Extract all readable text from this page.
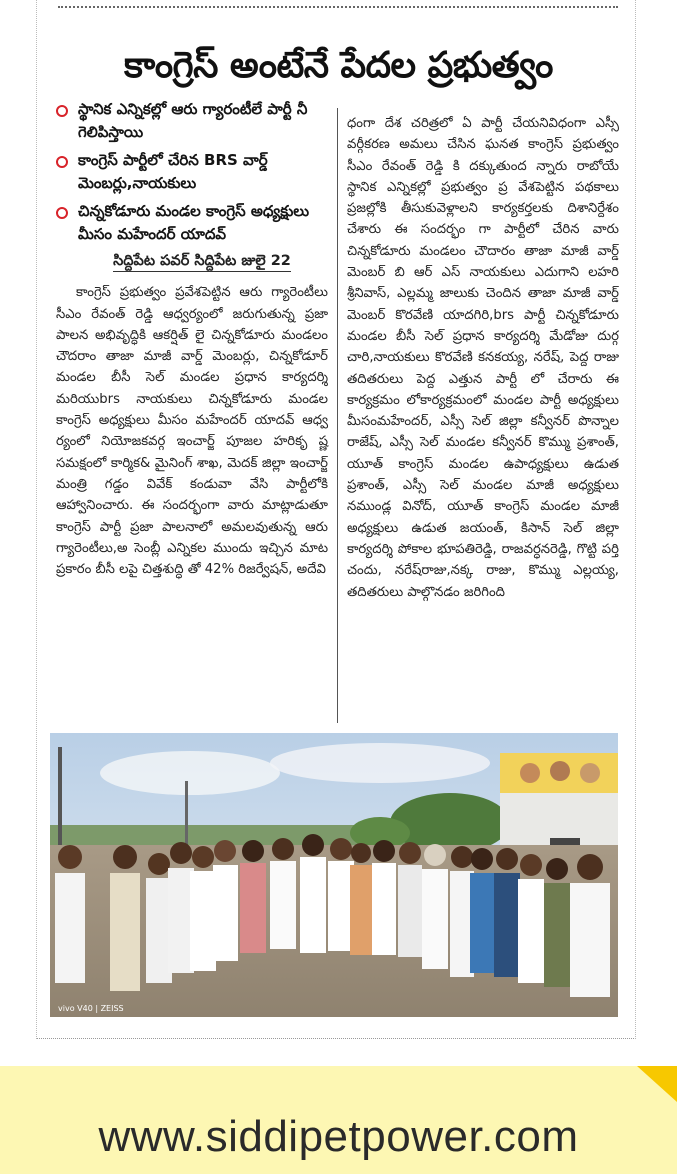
కాంగ్రెస్ అంటేనే పేదల ప్రభుత్వం
స్థానిక ఎన్నికల్లో ఆరు గ్యారంటీలే పార్టీ నీ గెలిపిస్తాయి
కాంగ్రెస్ పార్టీలో చేరిన BRS వార్డ్ మెంబర్లు,నాయకులు
చిన్నకోడూరు మండల కాంగ్రెస్ అధ్యక్షులు మీసం మహేందర్ యాదవ్
సిద్దిపేట పవర్ సిద్దిపేట జులై 22
కాంగ్రెస్ ప్రభుత్వం ప్రవేశపెట్టిన ఆరు గ్యారెంటీలు సీఎం రేవంత్ రెడ్డి ఆధ్వర్యంలో జరుగుతున్న ప్రజా పాలన అభివృద్ధికి ఆకర్షిత్ లై చిన్నకోడూరు మండలం చౌదరాం తాజా మాజీ వార్డ్ మెంబర్లు, చిన్నకోడూర్ మండల బీసీ సెల్ మండల ప్రధాన కార్యదర్శి మరియుbrs నాయకులు చిన్నకోడూరు మండల కాంగ్రెస్ అధ్యక్షులు మీసం మహేందర్ యాదవ్ ఆధ్వ ర్యంలో నియోజకవర్గ ఇంచార్జ్ పూజల హరికృ ష్ణ సమక్షంలో కార్మిక& మైనింగ్ శాఖ, మెదక్ జిల్లా ఇంచార్జ్ మంత్రి గడ్డం వివేక్ కండువా వేసి పార్టీలోకి ఆహ్వానించారు. ఈ సందర్భంగా వారు మాట్లాడుతూ కాంగ్రెస్ పార్టీ ప్రజా పాలనాలో అమలవుతున్న ఆరు గ్యారెంటీలు,అ సెంబ్లీ ఎన్నికల ముందు ఇచ్చిన మాట ప్రకారం బీసీ లపై చిత్తశుద్ధి తో 42% రిజర్వేషన్, అదేవి
ధంగా దేశ చరిత్రలో ఏ పార్టీ చేయనివిధంగా ఎస్సీ వర్గీకరణ అమలు చేసిన ఘనత కాంగ్రెస్ ప్రభుత్వం సీఎం రేవంత్ రెడ్డి కి దక్కుతుంద న్నారు రాబోయే స్థానిక ఎన్నికల్లో ప్రభుత్వం ప్ర వేశపెట్టిన పథకాలు ప్రజల్లోకి తీసుకువెళ్లాలని కార్యకర్తలకు దిశానిర్దేశం చేశారు ఈ సందర్భం గా పార్టీలో చేరిన వారు చిన్నకోడూరు మండలం చౌదారం తాజా మాజీ వార్డ్ మెంబర్ బి ఆర్ ఎస్ నాయకులు ఎదుగాని లహరి శ్రీనివాస్, ఎల్లమ్మ జాలుకు చెందిన తాజా మాజీ వార్డ్ మెంబర్ కొరవేణి యాదగిరి,brs పార్టీ చిన్నకోడూరు మండల బీసీ సెల్ ప్రధాన కార్యదర్శి మేడోజు దుర్గ చారి,నాయకులు కొరవేణి కనకయ్య, నరేష్, పెద్ద రాజు తదితరులు పెద్ద ఎత్తున పార్టీ లో చేరారు ఈ కార్యక్రమం లోకార్యక్రమంలో మండల పార్టీ అధ్యక్షులు మీసంమహేందర్, ఎస్సీ సెల్ జిల్లా కన్వీనర్ పొన్నాల రాజేష్, ఎస్సీ సెల్ మండల కన్వీనర్ కొమ్ము ప్రశాంత్, యూత్ కాంగ్రెస్ మండల ఉపాధ్యక్షులు ఉడుత ప్రశాంత్, ఎస్సీ సెల్ మండల మాజీ అధ్యక్షులు నముండ్ల వినోద్, యూత్ కాంగ్రెస్ మండల మాజీ అధ్యక్షులు ఉడుత జయంత్, కిసాన్ సెల్ జిల్లా కార్యదర్శి పోకాల భూపతిరెడ్డి, రాజవర్ధనరెడ్డి, గొట్టి పర్తి చందు, నరేష్‌రాజు,నక్క రాజు, కొమ్ము ఎల్లయ్య, తదితరులు పాల్గొనడం జరిగింది
vivo V40 | ZEISS
www.siddipetpower.com
